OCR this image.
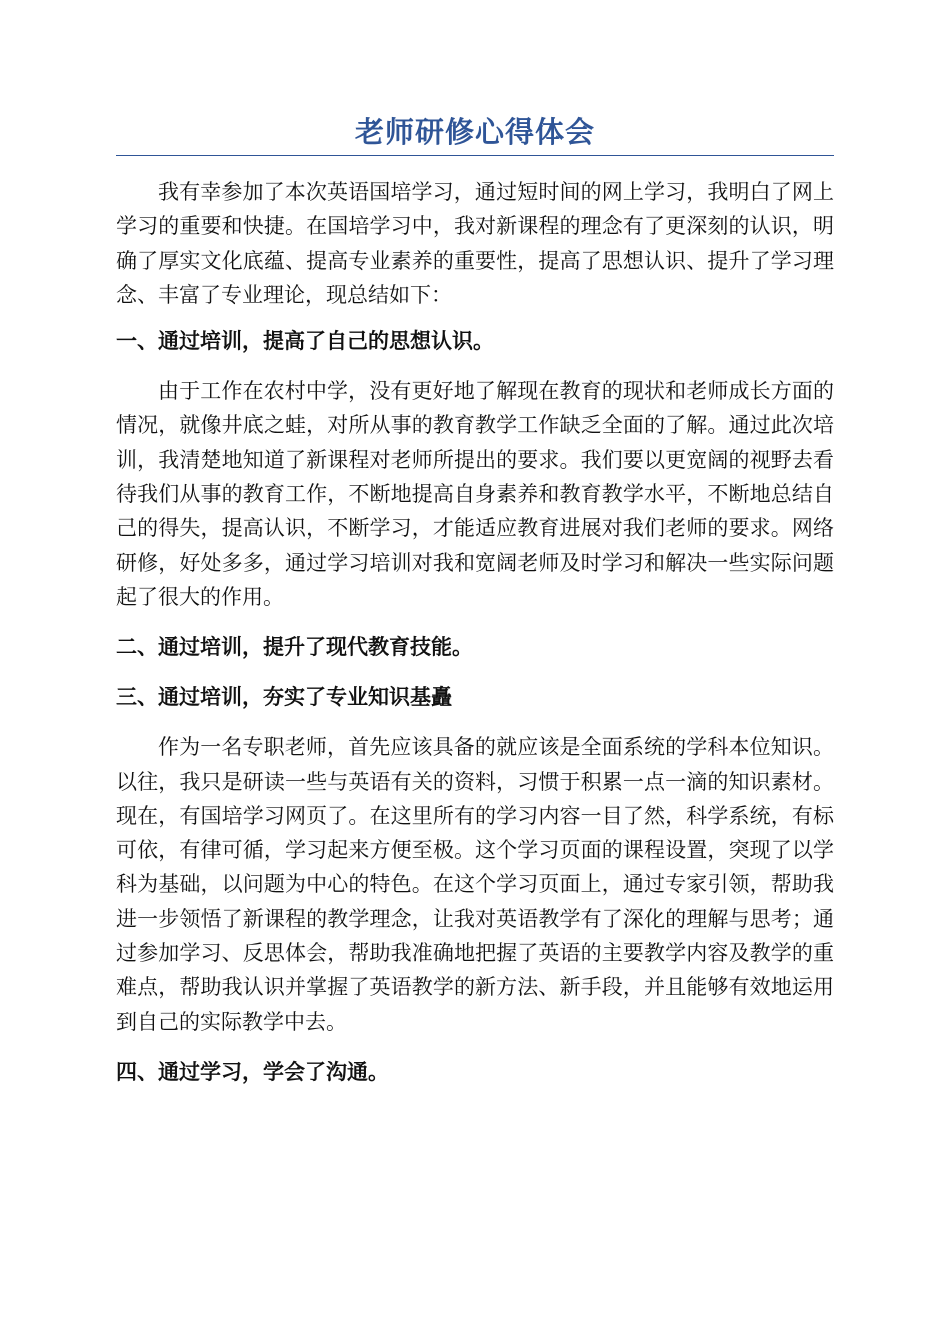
老师研修心得体会

我有幸参加了本次英语国培学习，通过短时间的网上学习，我明白了网上学习的重要和快捷。在国培学习中，我对新课程的理念有了更深刻的认识，明确了厚实文化底蕴、提高专业素养的重要性，提高了思想认识、提升了学习理念、丰富了专业理论，现总结如下：

一、通过培训，提高了自己的思想认识。

由于工作在农村中学，没有更好地了解现在教育的现状和老师成长方面的情况，就像井底之蛙，对所从事的教育教学工作缺乏全面的了解。通过此次培训，我清楚地知道了新课程对老师所提出的要求。我们要以更宽阔的视野去看待我们从事的教育工作，不断地提高自身素养和教育教学水平，不断地总结自己的得失，提高认识，不断学习，才能适应教育进展对我们老师的要求。网络研修，好处多多，通过学习培训对我和宽阔老师及时学习和解决一些实际问题起了很大的作用。

二、通过培训，提升了现代教育技能。

三、通过培训，夯实了专业知识基矗

作为一名专职老师，首先应该具备的就应该是全面系统的学科本位知识。以往，我只是研读一些与英语有关的资料，习惯于积累一点一滴的知识素材。现在，有国培学习网页了。在这里所有的学习内容一目了然，科学系统，有标可依，有律可循，学习起来方便至极。这个学习页面的课程设置，突现了以学科为基础，以问题为中心的特色。在这个学习页面上，通过专家引领，帮助我进一步领悟了新课程的教学理念，让我对英语教学有了深化的理解与思考；通过参加学习、反思体会，帮助我准确地把握了英语的主要教学内容及教学的重难点，帮助我认识并掌握了英语教学的新方法、新手段，并且能够有效地运用到自己的实际教学中去。

四、通过学习，学会了沟通。
